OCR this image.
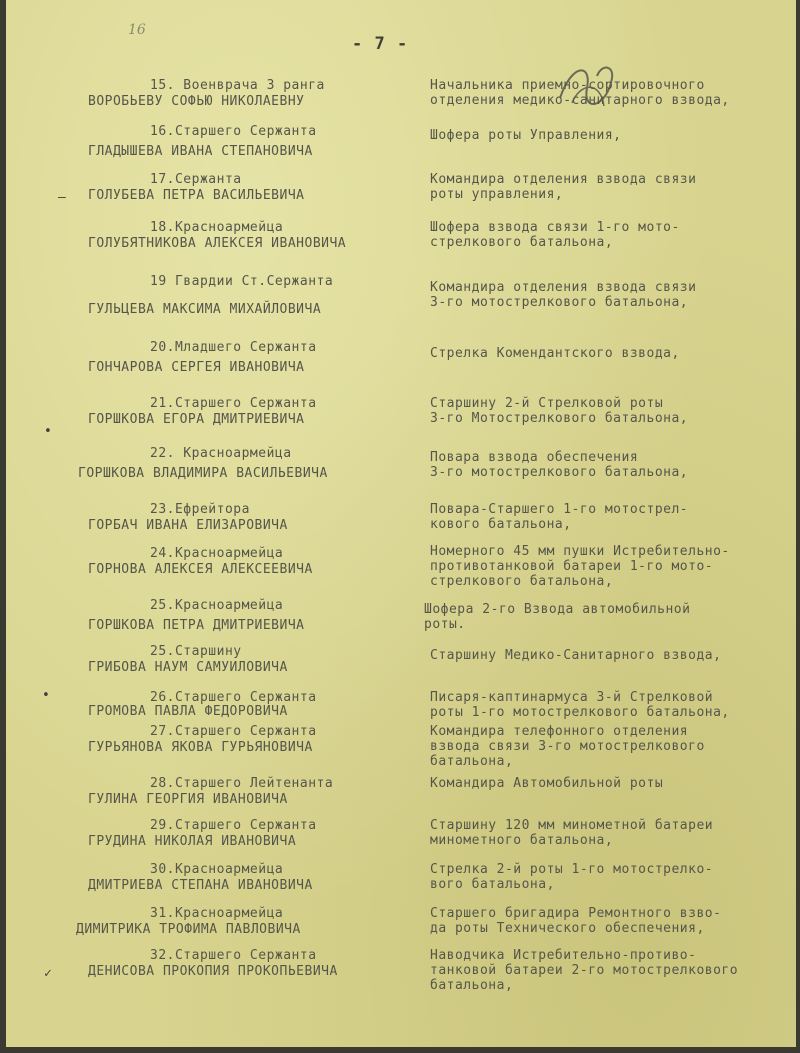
16
- 7 -
—
•
•
✓
15. Военврача 3 ранга
ВОРОБЬЕВУ СОФЬЮ НИКОЛАЕВНУ
Начальника приемно-сортировочного
отделения медико-санитарного взвода,
16.Старшего Сержанта
ГЛАДЫШЕВА ИВАНА СТЕПАНОВИЧА
Шофера роты Управления,
17.Сержанта
ГОЛУБЕВА ПЕТРА ВАСИЛЬЕВИЧА
Командира отделения взвода связи
роты управления,
18.Красноармейца
ГОЛУБЯТНИКОВА АЛЕКСЕЯ ИВАНОВИЧА
Шофера взвода связи 1-го мото-
стрелкового батальона,
19 Гвардии Ст.Сержанта
ГУЛЬЦЕВА МАКСИМА МИХАЙЛОВИЧА
Командира отделения взвода связи
3-го мотострелкового батальона,
20.Младшего Сержанта
ГОНЧАРОВА СЕРГЕЯ ИВАНОВИЧА
Стрелка Комендантского взвода,
21.Старшего Сержанта
ГОРШКОВА ЕГОРА ДМИТРИЕВИЧА
Старшину 2-й Стрелковой роты
3-го Мотострелкового батальона,
22. Красноармейца
ГОРШКОВА ВЛАДИМИРА ВАСИЛЬЕВИЧА
Повара взвода обеспечения
3-го мотострелкового батальона,
23.Ефрейтора
ГОРБАЧ ИВАНА ЕЛИЗАРОВИЧА
Повара-Старшего 1-го мотострел-
кового батальона,
24.Красноармейца
ГОРНОВА АЛЕКСЕЯ АЛЕКСЕЕВИЧА
Номерного 45 мм пушки Истребительно-
противотанковой батареи 1-го мото-
стрелкового батальона,
25.Красноармейца
ГОРШКОВА ПЕТРА ДМИТРИЕВИЧА
Шофера 2-го Взвода автомобильной
роты.
25.Старшину
ГРИБОВА НАУМ САМУИЛОВИЧА
Старшину Медико-Санитарного взвода,
26.Старшего Сержанта
ГРОМОВА ПАВЛА ФЕДОРОВИЧА
Писаря-каптинармуса 3-й Стрелковой
роты 1-го мотострелкового батальона,
27.Старшего Сержанта
ГУРЬЯНОВА ЯКОВА ГУРЬЯНОВИЧА
Командира телефонного отделения
взвода связи 3-го мотострелкового
батальона,
28.Старшего Лейтенанта
ГУЛИНА ГЕОРГИЯ ИВАНОВИЧА
Командира Автомобильной роты
29.Старшего Сержанта
ГРУДИНА НИКОЛАЯ ИВАНОВИЧА
Старшину 120 мм минометной батареи
минометного батальона,
30.Красноармейца
ДМИТРИЕВА СТЕПАНА ИВАНОВИЧА
Стрелка 2-й роты 1-го мотострелко-
вого батальона,
31.Красноармейца
ДИМИТРИКА ТРОФИМА ПАВЛОВИЧА
Старшего бригадира Ремонтного взво-
да роты Технического обеспечения,
32.Старшего Сержанта
ДЕНИСОВА ПРОКОПИЯ ПРОКОПЬЕВИЧА
Наводчика Истребительно-противо-
танковой батареи 2-го мотострелкового
батальона,
